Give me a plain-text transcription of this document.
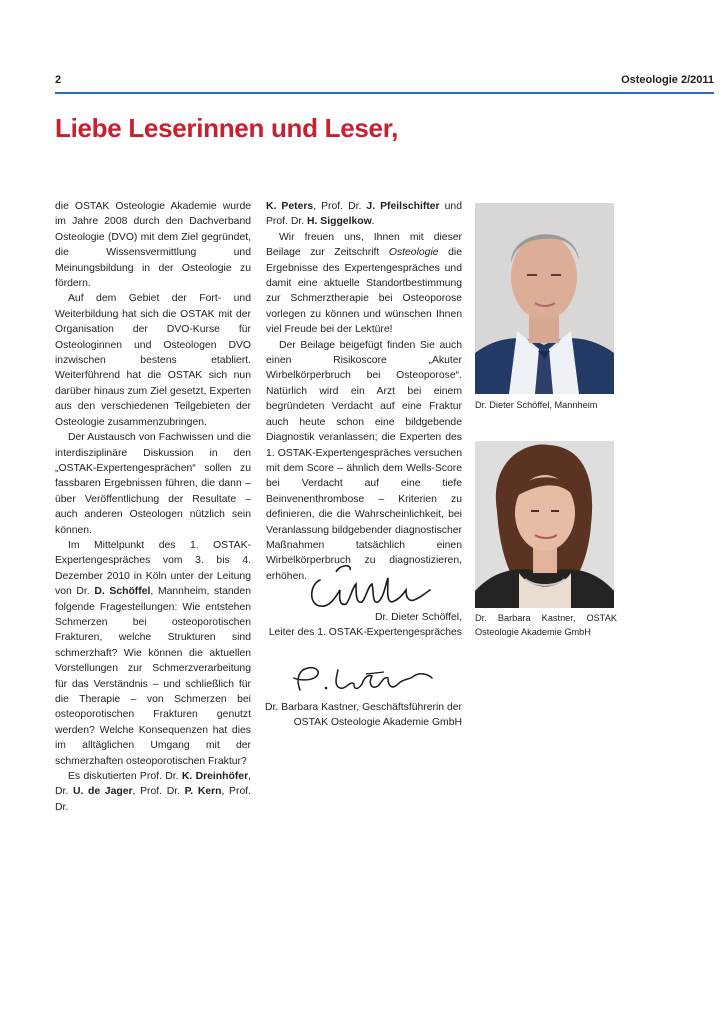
2	Osteologie 2/2011
Liebe Leserinnen und Leser,

die OSTAK Osteologie Akademie wurde im Jahre 2008 durch den Dachverband Osteologie (DVO) mit dem Ziel gegründet, die Wissensvermittlung und Meinungsbildung in der Osteologie zu fördern.

Auf dem Gebiet der Fort- und Weiterbildung hat sich die OSTAK mit der Organisation der DVO-Kurse für Osteologinnen und Osteologen DVO inzwischen bestens etabliert. Weiterführend hat die OSTAK sich nun darüber hinaus zum Ziel gesetzt, Experten aus den verschiedenen Teilgebieten der Osteologie zusammenzubringen.

Der Austausch von Fachwissen und die interdisziplinäre Diskussion in den „OSTAK-Expertengesprächen“ sollen zu fassbaren Ergebnissen führen, die dann – über Veröffentlichung der Resultate – auch anderen Osteologen nützlich sein können.

Im Mittelpunkt des 1. OSTAK-Expertengespräches vom 3. bis 4. Dezember 2010 in Köln unter der Leitung von Dr. D. Schöffel, Mannheim, standen folgende Fragestellungen: Wie entstehen Schmerzen bei osteoporotischen Frakturen, welche Strukturen sind schmerzhaft? Wie können die aktuellen Vorstellungen zur Schmerzverarbeitung für das Verständnis – und schließlich für die Therapie – von Schmerzen bei osteoporotischen Frakturen genutzt werden? Welche Konsequenzen hat dies im alltäglichen Umgang mit der schmerzhaften osteoporotischen Fraktur?

Es diskutierten Prof. Dr. K. Dreinhöfer, Dr. U. de Jager, Prof. Dr. P. Kern, Prof. Dr.

K. Peters, Prof. Dr. J. Pfeilschifter und Prof. Dr. H. Siggelkow.

Wir freuen uns, Ihnen mit dieser Beilage zur Zeitschrift Osteologie die Ergebnisse des Expertengespräches und damit eine aktuelle Standortbestimmung zur Schmerztherapie bei Osteoporose vorlegen zu können und wünschen Ihnen viel Freude bei der Lektüre!

Der Beilage beigefügt finden Sie auch einen Risikoscore „Akuter Wirbelkörperbruch bei Osteoporose“. Natürlich wird ein Arzt bei einem begründeten Verdacht auf eine Fraktur auch heute schon eine bildgebende Diagnostik veranlassen; die Experten des 1. OSTAK-Expertengespräches versuchen mit dem Score – ähnlich dem Wells-Score bei Verdacht auf eine tiefe Beinvenenthrombose – Kriterien zu definieren, die die Wahrscheinlichkeit, bei Veranlassung bildgebender diagnostischer Maßnahmen tatsächlich einen Wirbelkörperbruch zu diagnostizieren, erhöhen.

Dr. Dieter Schöffel,
Leiter des 1. OSTAK-Expertengespräches
Dr. Barbara Kastner, Geschäftsführerin der
OSTAK Osteologie Akademie GmbH
Dr. Dieter Schöffel, Mannheim
Dr. Barbara Kastner, OSTAK Osteologie Akademie GmbH
